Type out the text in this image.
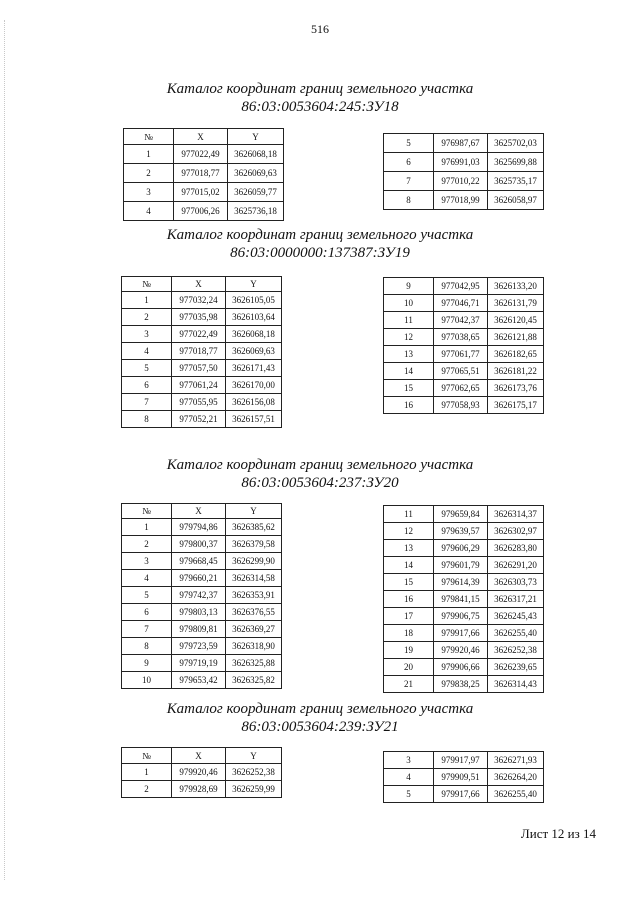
516
Каталог координат границ земельного участка
86:03:0053604:245:ЗУ18
№	X	Y
1	977022,49	3626068,18
2	977018,77	3626069,63
3	977015,02	3626059,77
4	977006,26	3625736,18
5	976987,67	3625702,03
6	976991,03	3625699,88
7	977010,22	3625735,17
8	977018,99	3626058,97
Каталог координат границ земельного участка
86:03:0000000:137387:ЗУ19
№	X	Y
1	977032,24	3626105,05
2	977035,98	3626103,64
3	977022,49	3626068,18
4	977018,77	3626069,63
5	977057,50	3626171,43
6	977061,24	3626170,00
7	977055,95	3626156,08
8	977052,21	3626157,51
9	977042,95	3626133,20
10	977046,71	3626131,79
11	977042,37	3626120,45
12	977038,65	3626121,88
13	977061,77	3626182,65
14	977065,51	3626181,22
15	977062,65	3626173,76
16	977058,93	3626175,17
Каталог координат границ земельного участка
86:03:0053604:237:ЗУ20
№	X	Y
1	979794,86	3626385,62
2	979800,37	3626379,58
3	979668,45	3626299,90
4	979660,21	3626314,58
5	979742,37	3626353,91
6	979803,13	3626376,55
7	979809,81	3626369,27
8	979723,59	3626318,90
9	979719,19	3626325,88
10	979653,42	3626325,82
11	979659,84	3626314,37
12	979639,57	3626302,97
13	979606,29	3626283,80
14	979601,79	3626291,20
15	979614,39	3626303,73
16	979841,15	3626317,21
17	979906,75	3626245,43
18	979917,66	3626255,40
19	979920,46	3626252,38
20	979906,66	3626239,65
21	979838,25	3626314,43
Каталог координат границ земельного участка
86:03:0053604:239:ЗУ21
№	X	Y
1	979920,46	3626252,38
2	979928,69	3626259,99
3	979917,97	3626271,93
4	979909,51	3626264,20
5	979917,66	3626255,40
Лист 12 из 14
